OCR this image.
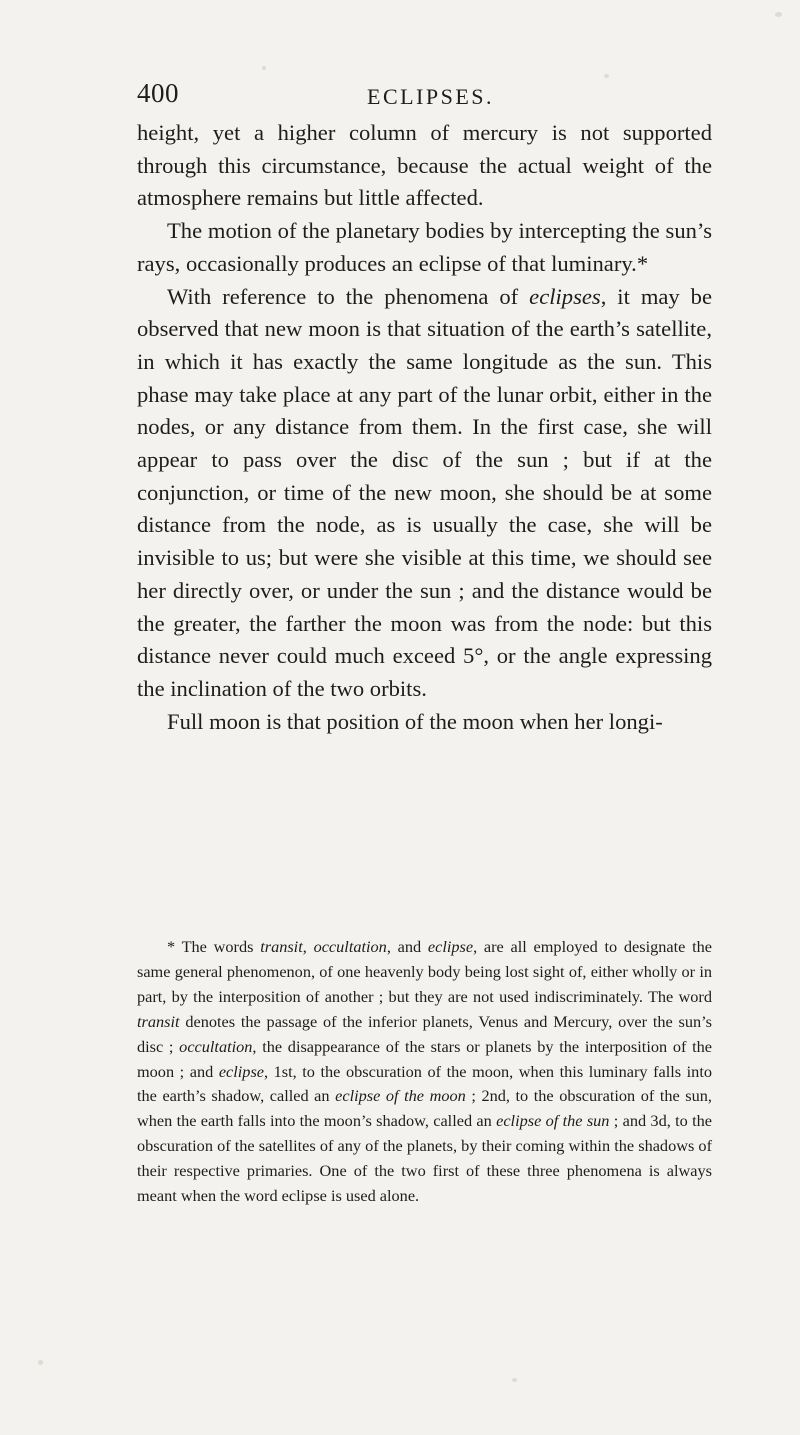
400	ECLIPSES.

height, yet a higher column of mercury is not supported through this circumstance, because the actual weight of the atmosphere remains but little affected.

The motion of the planetary bodies by intercepting the sun’s rays, occasionally produces an eclipse of that luminary.*

With reference to the phenomena of eclipses, it may be observed that new moon is that situation of the earth’s satellite, in which it has exactly the same longitude as the sun. This phase may take place at any part of the lunar orbit, either in the nodes, or any distance from them. In the first case, she will appear to pass over the disc of the sun ; but if at the conjunction, or time of the new moon, she should be at some distance from the node, as is usually the case, she will be invisible to us; but were she visible at this time, we should see her directly over, or under the sun ; and the distance would be the greater, the farther the moon was from the node: but this distance never could much exceed 5°, or the angle expressing the inclination of the two orbits.

Full moon is that position of the moon when her longi-

* The words transit, occultation, and eclipse, are all employed to designate the same general phenomenon, of one heavenly body being lost sight of, either wholly or in part, by the interposition of another ; but they are not used indiscriminately. The word transit denotes the passage of the inferior planets, Venus and Mercury, over the sun’s disc ; occultation, the disappearance of the stars or planets by the interposition of the moon ; and eclipse, 1st, to the obscuration of the moon, when this luminary falls into the earth’s shadow, called an eclipse of the moon ; 2nd, to the obscuration of the sun, when the earth falls into the moon’s shadow, called an eclipse of the sun ; and 3d, to the obscuration of the satellites of any of the planets, by their coming within the shadows of their respective primaries. One of the two first of these three phenomena is always meant when the word eclipse is used alone.
